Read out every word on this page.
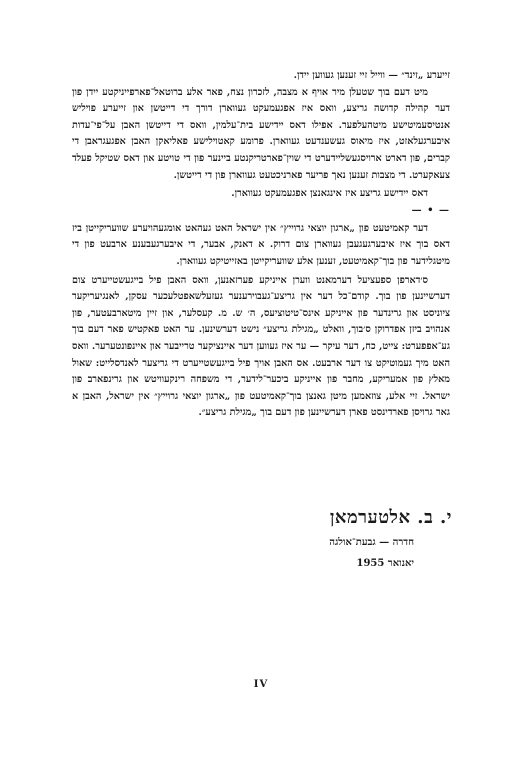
זייערע „זינד״ — ווייל זיי זענען געווען יידן.

מיט דעם בוך שטעלן מיר אויף א מצבה, לזכרון נצח, פאר אלע ברוטאל־פארפייניקטע יידן פון דער קהילה קדושה גריצע, וואס איז אפגעמעקט געווארן דורך די דייטשן און זייערע פויליש אנטיסעמיטישע מיטהעלפער. אפילו דאס יידישע בית־עלמין, וואס די דייטשן האבן על־פי־עדות איבערגעלאזט, איז מיאוס געשענדעט געווארן. פרומע קאטוילישע פאליאקן האבן אפגעגראבן די קברים, פון דארט ארויסגעשליידערט די שוין־פארטריקנטע ביינער פון די טויטע און דאס שטיקל פעלד צעאקערט. די מצבות זענען נאך פריער פארניכטעט געווארן פון די דייטשן.

דאס יידישע גריצע איז אינגאנצן אפגעמעקט געווארן.

— • —

דער קאמיטעט פון „ארגון יוצאי גרוייץ״ אין ישראל האט געהאט אומגעהויערע שוועריקייטן ביז דאס בוך איז איבערגעגעבן געווארן צום דרוק. א דאנק, אבער, די איבערגעבענע ארבעט פון די מיטגלידער פון בוך־קאמיטעט, זענען אלע שוועריקייטן באזייטיקט געווארן.

ס׳דארפן ספעציעל דערמאנט ווערן אייניקע פערזאנען, וואס האבן פיל בייגעשטייערט צום דערשיינען פון בוך. קודם־כל דער אין גריצע־געבוירענער געזעלשאפטלעכער עסקן, לאנגיעריקער ציוניסט און גרינדער פון אייניקע אינס־טיטוציעס, ה׳ ש. מ. קעסלער, און זיין מיטארבעטער, פון אנהויב ביזן אפדרוקן ס׳בוך, וואלט „מגילת גריצע״ נישט דערשינען. ער האט פאקטיש פאר דעם בוך גע־אפפערט: צייט, כח, דער עיקר — ער איז געווען דער איינציקער טרייבער און איינפונטערער. וואס האט מיך געמוטיקט צו דער ארבעט. אס האבן אויך פיל בייגעשטייערט די גריצער לאנדסלייט: שאול מאלץ פון אמעריקע, מחבר פון אייניקע ביכער־לידער, די משפחה רינקעוויטש און גרינפארב פון ישראל. זיי אלע, צוזאמען מיטן גאנצן בוך־קאמיטעט פון „ארגון יוצאי גרוייץ״ אין ישראל, האבן א גאר גרויסן פארדינסט פארן דערשיינען פון דעם בוך „מגילת גריצע״.

י. ב. אלטערמאן
חדרה — גבעת־אולגה
יאנואר 1955
IV
